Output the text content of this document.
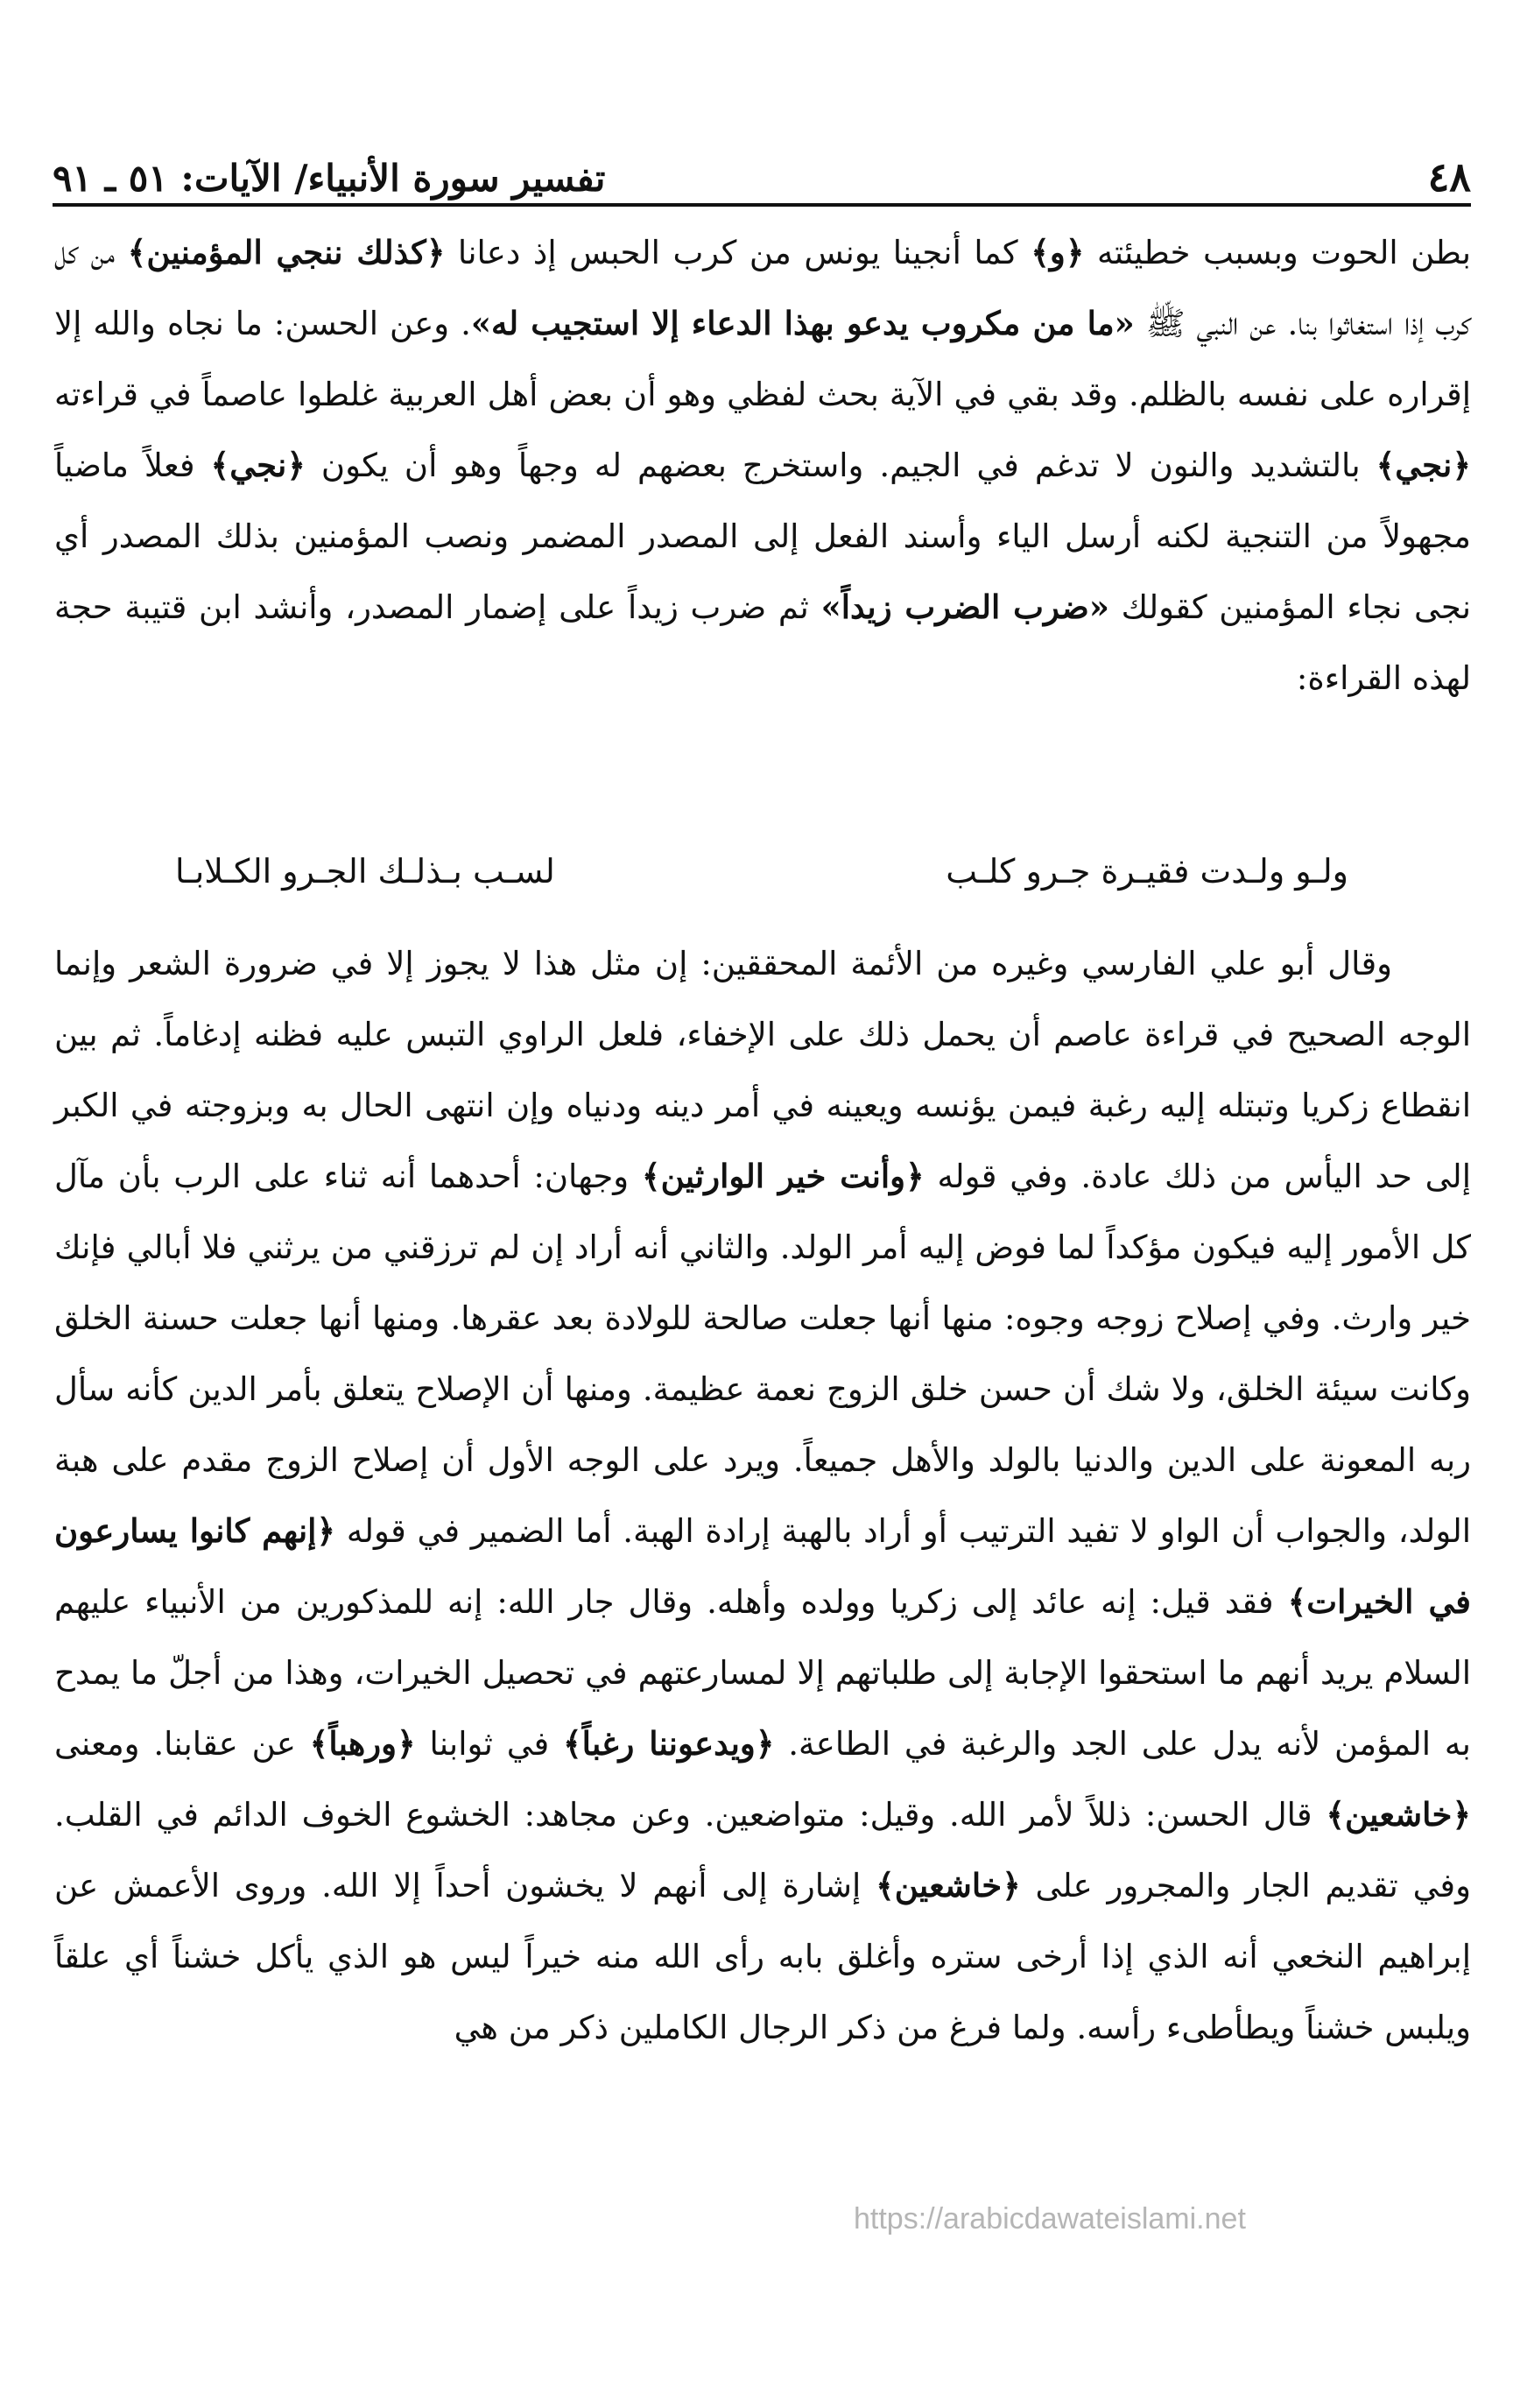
٤٨
تفسير سورة الأنبياء/ الآيات: ٥١ ـ ٩١

بطن الحوت وبسبب خطيئته ﴿و﴾ كما أنجينا يونس من كرب الحبس إذ دعانا ﴿كذلك ننجي المؤمنين﴾ من كل كرب إذا استغاثوا بنا. عن النبي ﷺ «ما من مكروب يدعو بهذا الدعاء إلا استجيب له». وعن الحسن: ما نجاه والله إلا إقراره على نفسه بالظلم. وقد بقي في الآية بحث لفظي وهو أن بعض أهل العربية غلطوا عاصماً في قراءته ﴿نجي﴾ بالتشديد والنون لا تدغم في الجيم. واستخرج بعضهم له وجهاً وهو أن يكون ﴿نجي﴾ فعلاً ماضياً مجهولاً من التنجية لكنه أرسل الياء وأسند الفعل إلى المصدر المضمر ونصب المؤمنين بذلك المصدر أي نجى نجاء المؤمنين كقولك «ضرب الضرب زيداً» ثم ضرب زيداً على إضمار المصدر، وأنشد ابن قتيبة حجة لهذه القراءة:

ولـو ولـدت فقيـرة جـرو كلـب
لسـب بـذلـك الجـرو الكـلابـا

وقال أبو علي الفارسي وغيره من الأئمة المحققين: إن مثل هذا لا يجوز إلا في ضرورة الشعر وإنما الوجه الصحيح في قراءة عاصم أن يحمل ذلك على الإخفاء، فلعل الراوي التبس عليه فظنه إدغاماً. ثم بين انقطاع زكريا وتبتله إليه رغبة فيمن يؤنسه ويعينه في أمر دينه ودنياه وإن انتهى الحال به وبزوجته في الكبر إلى حد اليأس من ذلك عادة. وفي قوله ﴿وأنت خير الوارثين﴾ وجهان: أحدهما أنه ثناء على الرب بأن مآل كل الأمور إليه فيكون مؤكداً لما فوض إليه أمر الولد. والثاني أنه أراد إن لم ترزقني من يرثني فلا أبالي فإنك خير وارث. وفي إصلاح زوجه وجوه: منها أنها جعلت صالحة للولادة بعد عقرها. ومنها أنها جعلت حسنة الخلق وكانت سيئة الخلق، ولا شك أن حسن خلق الزوج نعمة عظيمة. ومنها أن الإصلاح يتعلق بأمر الدين كأنه سأل ربه المعونة على الدين والدنيا بالولد والأهل جميعاً. ويرد على الوجه الأول أن إصلاح الزوج مقدم على هبة الولد، والجواب أن الواو لا تفيد الترتيب أو أراد بالهبة إرادة الهبة. أما الضمير في قوله ﴿إنهم كانوا يسارعون في الخيرات﴾ فقد قيل: إنه عائد إلى زكريا وولده وأهله. وقال جار الله: إنه للمذكورين من الأنبياء عليهم السلام يريد أنهم ما استحقوا الإجابة إلى طلباتهم إلا لمسارعتهم في تحصيل الخيرات، وهذا من أجلّ ما يمدح به المؤمن لأنه يدل على الجد والرغبة في الطاعة. ﴿ويدعوننا رغباً﴾ في ثوابنا ﴿ورهباً﴾ عن عقابنا. ومعنى ﴿خاشعين﴾ قال الحسن: ذللاً لأمر الله. وقيل: متواضعين. وعن مجاهد: الخشوع الخوف الدائم في القلب. وفي تقديم الجار والمجرور على ﴿خاشعين﴾ إشارة إلى أنهم لا يخشون أحداً إلا الله. وروى الأعمش عن إبراهيم النخعي أنه الذي إذا أرخى ستره وأغلق بابه رأى الله منه خيراً ليس هو الذي يأكل خشناً أي علقاً ويلبس خشناً ويطأطىء رأسه. ولما فرغ من ذكر الرجال الكاملين ذكر من هي

https://arabicdawateislami.net
